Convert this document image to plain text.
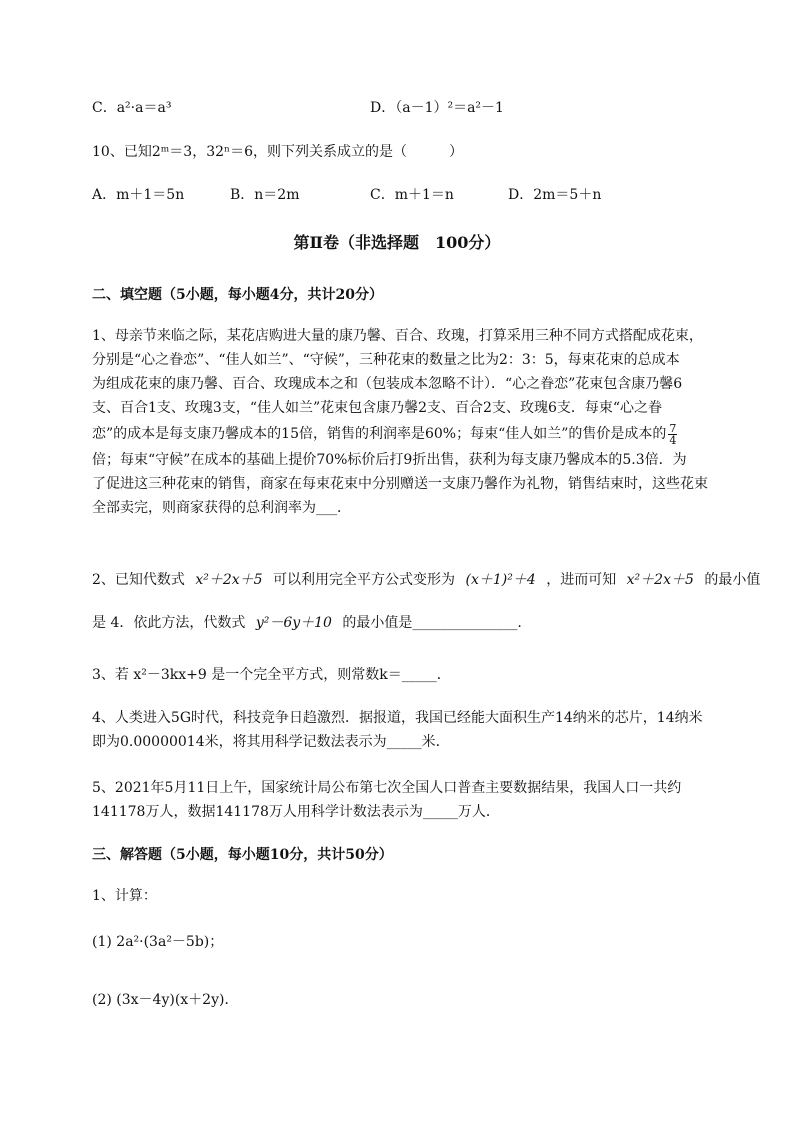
C．a²·a＝a³	D．（a－1）²＝a²－1
10、已知2ᵐ＝3，32ⁿ＝6，则下列关系成立的是（　　　）
A．m＋1＝5n	B．n＝2m	C．m＋1＝n	D．2m＝5＋n
第Ⅱ卷（非选择题　100分）
二、填空题（5小题，每小题4分，共计20分）
1、母亲节来临之际，某花店购进大量的康乃馨、百合、玫瑰，打算采用三种不同方式搭配成花束，
分别是“心之眷恋”、“佳人如兰”、“守候”，三种花束的数量之比为2：3：5，每束花束的总成本
为组成花束的康乃馨、百合、玫瑰成本之和（包装成本忽略不计）．“心之眷恋”花束包含康乃馨6
支、百合1支、玫瑰3支，“佳人如兰”花束包含康乃馨2支、百合2支、玫瑰6支．每束“心之眷
恋”的成本是每支康乃馨成本的15倍，销售的利润率是60%；每束“佳人如兰”的售价是成本的 $\frac{7}{4}$
倍；每束“守候”在成本的基础上提价70%标价后打9折出售，获利为每支康乃馨成本的5.3倍．为
了促进这三种花束的销售，商家在每束花束中分别赠送一支康乃馨作为礼物，销售结束时，这些花束
全部卖完，则商家获得的总利润率为___．
2、已知代数式 x²＋2x＋5 可以利用完全平方公式变形为 (x＋1)²＋4 ，进而可知 x²＋2x＋5 的最小值
是 4．依此方法，代数式 y²－6y＋10 的最小值是_______________.
3、若 x²－3kx+9 是一个完全平方式，则常数k＝_____．
4、人类进入5G时代，科技竞争日趋激烈．据报道，我国已经能大面积生产14纳米的芯片，14纳米
即为0.00000014米，将其用科学记数法表示为_____米．
5、2021年5月11日上午，国家统计局公布第七次全国人口普查主要数据结果，我国人口一共约
141178万人，数据141178万人用科学计数法表示为_____万人．
三、解答题（5小题，每小题10分，共计50分）
1、计算：
(1) 2a²·(3a²－5b)；
(2) (3x－4y)(x＋2y)．
